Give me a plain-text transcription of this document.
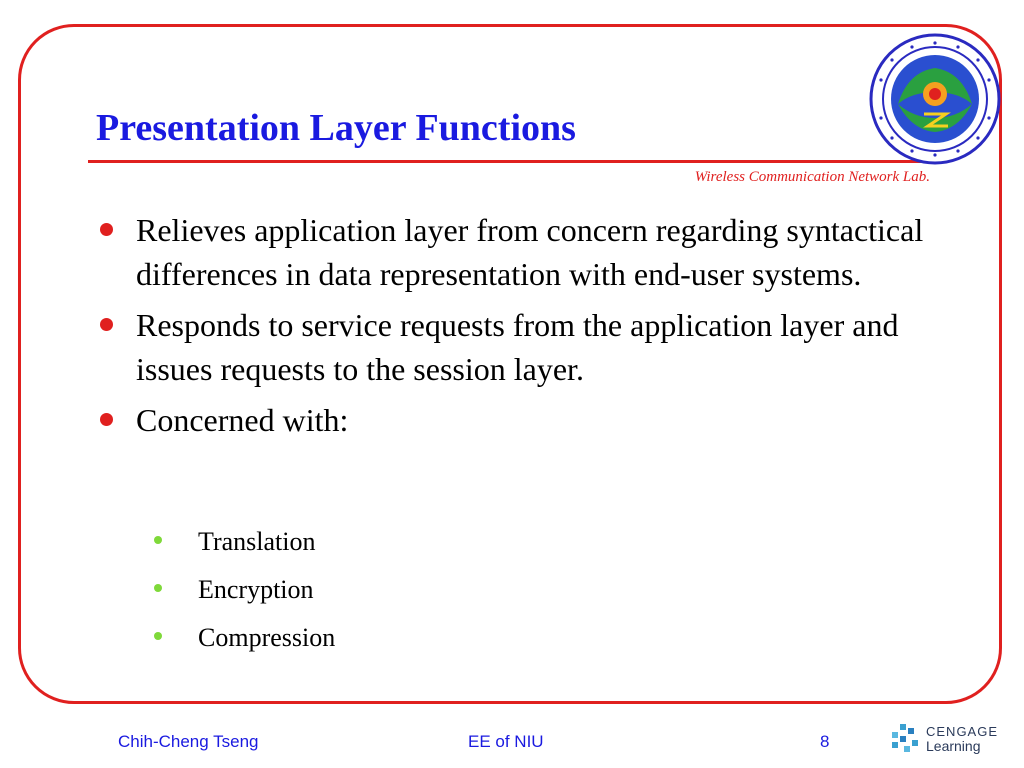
Presentation Layer Functions
Wireless Communication Network Lab.
Relieves application layer from concern regarding syntactical differences in data representation with end-user systems.
Responds to service requests from the application layer and issues requests to the session layer.
Concerned with:
Translation
Encryption
Compression
Chih-Cheng Tseng	EE of NIU	8
CENGAGE
Learning
